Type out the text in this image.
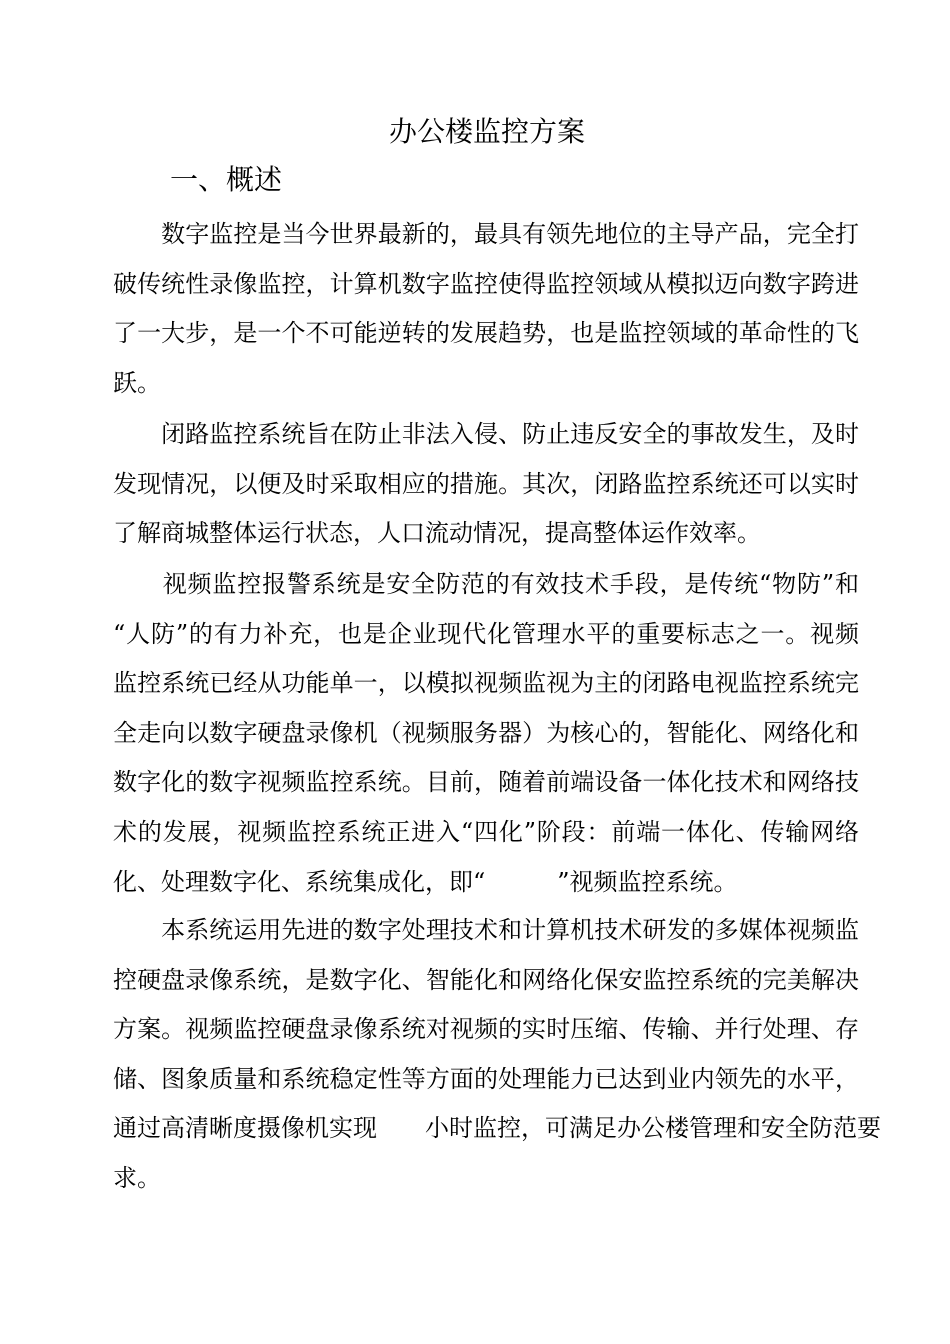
办公楼监控方案
一、概述
　　数字监控是当今世界最新的，最具有领先地位的主导产品，完全打
破传统性录像监控，计算机数字监控使得监控领域从模拟迈向数字跨进
了一大步，是一个不可能逆转的发展趋势，也是监控领域的革命性的飞
跃。
　　闭路监控系统旨在防止非法入侵、防止违反安全的事故发生，及时
发现情况，以便及时采取相应的措施。其次，闭路监控系统还可以实时
了解商城整体运行状态，人口流动情况，提高整体运作效率。
　　视频监控报警系统是安全防范的有效技术手段，是传统“物防”和
“人防”的有力补充，也是企业现代化管理水平的重要标志之一。视频
监控系统已经从功能单一，以模拟视频监视为主的闭路电视监控系统完
全走向以数字硬盘录像机（视频服务器）为核心的，智能化、网络化和
数字化的数字视频监控系统。目前，随着前端设备一体化技术和网络技
术的发展，视频监控系统正进入“四化”阶段：前端一体化、传输网络
化、处理数字化、系统集成化，即“　　　”视频监控系统。
　　本系统运用先进的数字处理技术和计算机技术研发的多媒体视频监
控硬盘录像系统，是数字化、智能化和网络化保安监控系统的完美解决
方案。视频监控硬盘录像系统对视频的实时压缩、传输、并行处理、存
储、图象质量和系统稳定性等方面的处理能力已达到业内领先的水平，
通过高清晰度摄像机实现　　小时监控，可满足办公楼管理和安全防范要
求。
